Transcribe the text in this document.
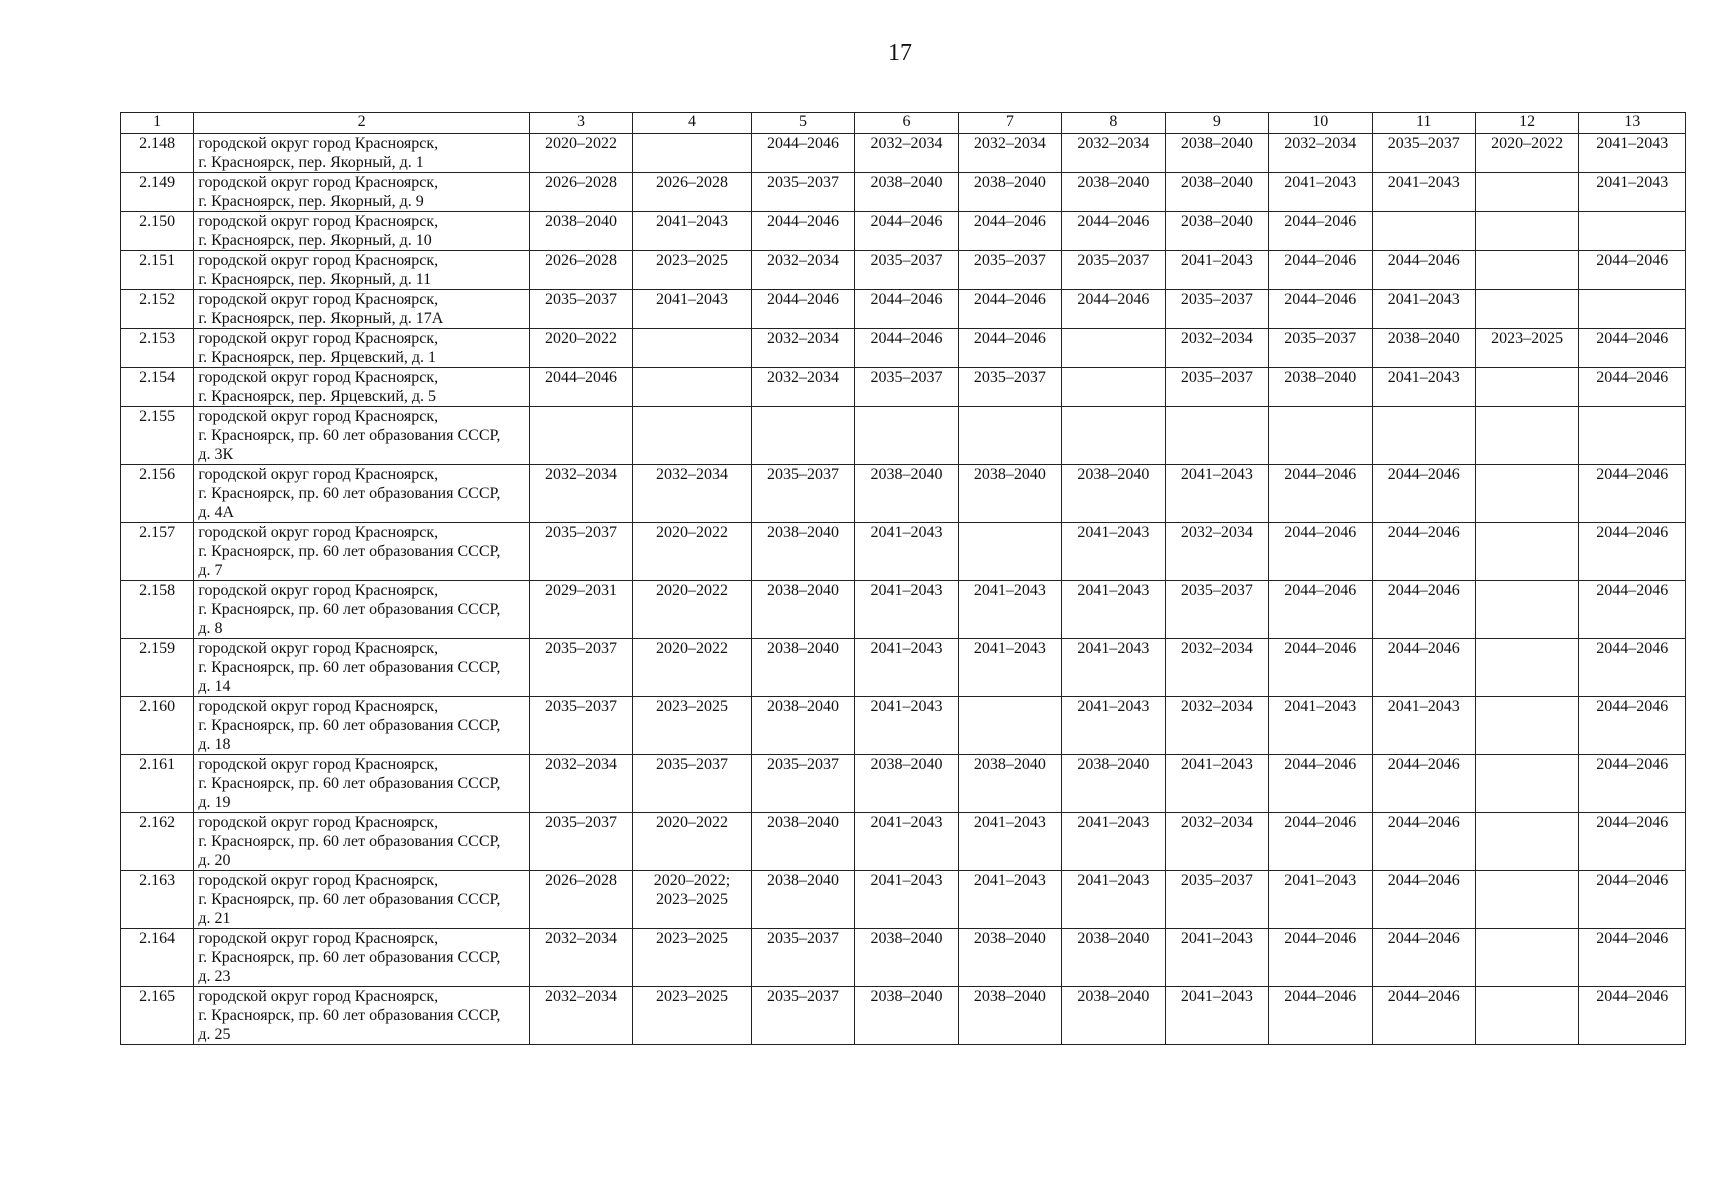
17
1	2	3	4	5	6	7	8	9	10	11	12	13
2.148	городской округ город Красноярск,
г. Красноярск, пер. Якорный, д. 1	2020–2022		2044–2046	2032–2034	2032–2034	2032–2034	2038–2040	2032–2034	2035–2037	2020–2022	2041–2043
2.149	городской округ город Красноярск,
г. Красноярск, пер. Якорный, д. 9	2026–2028	2026–2028	2035–2037	2038–2040	2038–2040	2038–2040	2038–2040	2041–2043	2041–2043		2041–2043
2.150	городской округ город Красноярск,
г. Красноярск, пер. Якорный, д. 10	2038–2040	2041–2043	2044–2046	2044–2046	2044–2046	2044–2046	2038–2040	2044–2046			
2.151	городской округ город Красноярск,
г. Красноярск, пер. Якорный, д. 11	2026–2028	2023–2025	2032–2034	2035–2037	2035–2037	2035–2037	2041–2043	2044–2046	2044–2046		2044–2046
2.152	городской округ город Красноярск,
г. Красноярск, пер. Якорный, д. 17А	2035–2037	2041–2043	2044–2046	2044–2046	2044–2046	2044–2046	2035–2037	2044–2046	2041–2043		
2.153	городской округ город Красноярск,
г. Красноярск, пер. Ярцевский, д. 1	2020–2022		2032–2034	2044–2046	2044–2046		2032–2034	2035–2037	2038–2040	2023–2025	2044–2046
2.154	городской округ город Красноярск,
г. Красноярск, пер. Ярцевский, д. 5	2044–2046		2032–2034	2035–2037	2035–2037		2035–2037	2038–2040	2041–2043		2044–2046
2.155	городской округ город Красноярск,
г. Красноярск, пр. 60 лет образования СССР,
д. 3К											

2.156	городской округ город Красноярск,
г. Красноярск, пр. 60 лет образования СССР,
д. 4А	2032–2034	2032–2034	2035–2037	2038–2040	2038–2040	2038–2040	2041–2043	2044–2046	2044–2046		2044–2046
2.157	городской округ город Красноярск,
г. Красноярск, пр. 60 лет образования СССР,
д. 7	2035–2037	2020–2022	2038–2040	2041–2043		2041–2043	2032–2034	2044–2046	2044–2046		2044–2046
2.158	городской округ город Красноярск,
г. Красноярск, пр. 60 лет образования СССР,
д. 8	2029–2031	2020–2022	2038–2040	2041–2043	2041–2043	2041–2043	2035–2037	2044–2046	2044–2046		2044–2046
2.159	городской округ город Красноярск,
г. Красноярск, пр. 60 лет образования СССР,
д. 14	2035–2037	2020–2022	2038–2040	2041–2043	2041–2043	2041–2043	2032–2034	2044–2046	2044–2046		2044–2046
2.160	городской округ город Красноярск,
г. Красноярск, пр. 60 лет образования СССР,
д. 18	2035–2037	2023–2025	2038–2040	2041–2043		2041–2043	2032–2034	2041–2043	2041–2043		2044–2046
2.161	городской округ город Красноярск,
г. Красноярск, пр. 60 лет образования СССР,
д. 19	2032–2034	2035–2037	2035–2037	2038–2040	2038–2040	2038–2040	2041–2043	2044–2046	2044–2046		2044–2046
2.162	городской округ город Красноярск,
г. Красноярск, пр. 60 лет образования СССР,
д. 20	2035–2037	2020–2022	2038–2040	2041–2043	2041–2043	2041–2043	2032–2034	2044–2046	2044–2046		2044–2046
2.163	городской округ город Красноярск,
г. Красноярск, пр. 60 лет образования СССР,
д. 21	2026–2028	2020–2022;
2023–2025	2038–2040	2041–2043	2041–2043	2041–2043	2035–2037	2041–2043	2044–2046		2044–2046
2.164	городской округ город Красноярск,
г. Красноярск, пр. 60 лет образования СССР,
д. 23	2032–2034	2023–2025	2035–2037	2038–2040	2038–2040	2038–2040	2041–2043	2044–2046	2044–2046		2044–2046
2.165	городской округ город Красноярск,
г. Красноярск, пр. 60 лет образования СССР,
д. 25	2032–2034	2023–2025	2035–2037	2038–2040	2038–2040	2038–2040	2041–2043	2044–2046	2044–2046		2044–2046
